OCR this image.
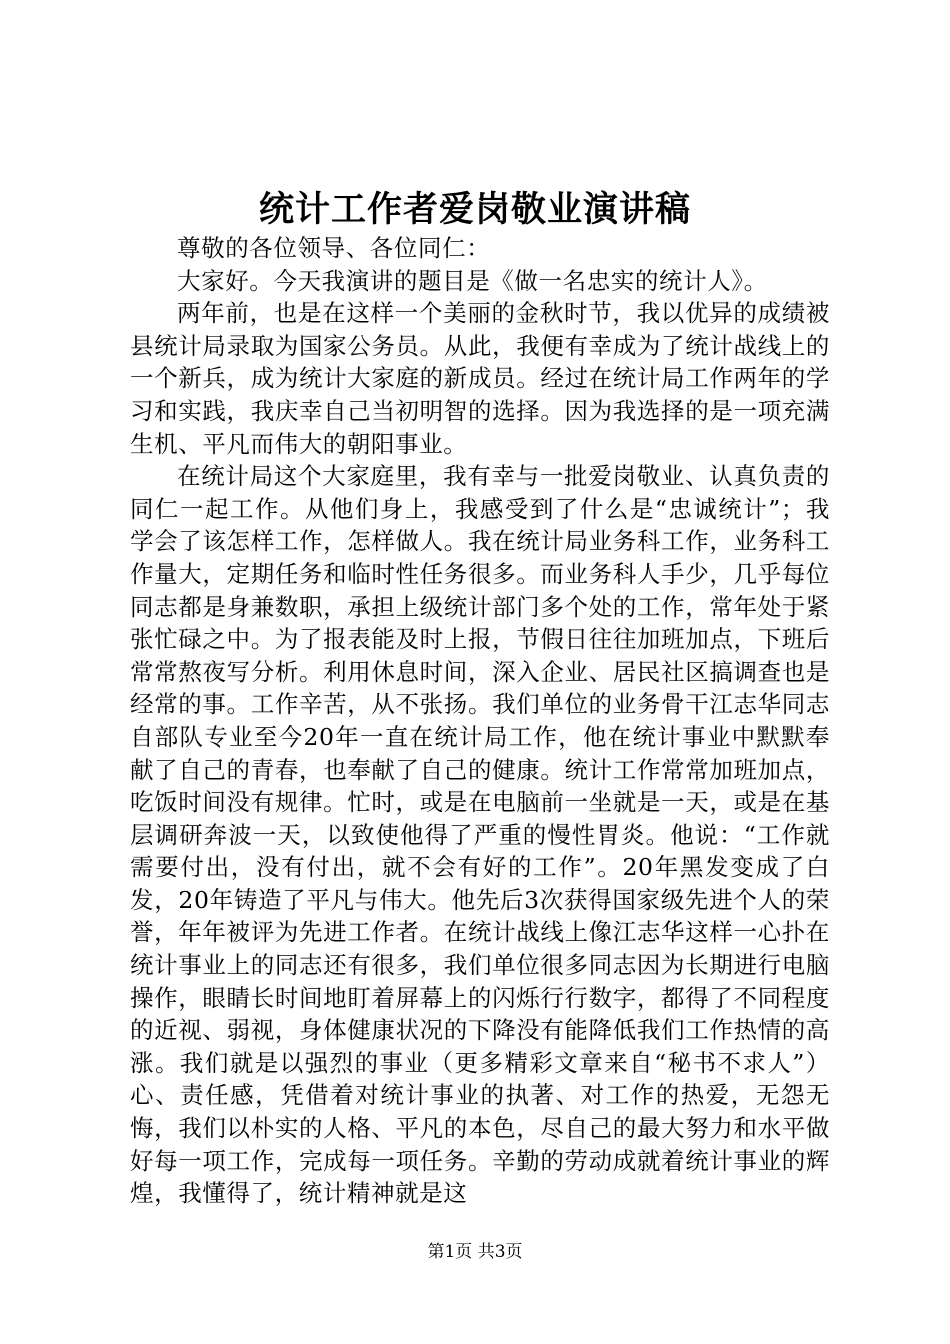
统计工作者爱岗敬业演讲稿

尊敬的各位领导、各位同仁：

大家好。今天我演讲的题目是《做一名忠实的统计人》。

两年前，也是在这样一个美丽的金秋时节，我以优异的成绩被县统计局录取为国家公务员。从此，我便有幸成为了统计战线上的一个新兵，成为统计大家庭的新成员。经过在统计局工作两年的学习和实践，我庆幸自己当初明智的选择。因为我选择的是一项充满生机、平凡而伟大的朝阳事业。

在统计局这个大家庭里，我有幸与一批爱岗敬业、认真负责的同仁一起工作。从他们身上，我感受到了什么是“忠诚统计”；我学会了该怎样工作，怎样做人。我在统计局业务科工作，业务科工作量大，定期任务和临时性任务很多。而业务科人手少，几乎每位同志都是身兼数职，承担上级统计部门多个处的工作，常年处于紧张忙碌之中。为了报表能及时上报，节假日往往加班加点，下班后常常熬夜写分析。利用休息时间，深入企业、居民社区搞调查也是经常的事。工作辛苦，从不张扬。我们单位的业务骨干江志华同志自部队专业至今20年一直在统计局工作，他在统计事业中默默奉献了自己的青春，也奉献了自己的健康。统计工作常常加班加点，吃饭时间没有规律。忙时，或是在电脑前一坐就是一天，或是在基层调研奔波一天，以致使他得了严重的慢性胃炎。他说：“工作就需要付出，没有付出，就不会有好的工作”。20年黑发变成了白发，20年铸造了平凡与伟大。他先后3次获得国家级先进个人的荣誉，年年被评为先进工作者。在统计战线上像江志华这样一心扑在统计事业上的同志还有很多，我们单位很多同志因为长期进行电脑操作，眼睛长时间地盯着屏幕上的闪烁行行数字，都得了不同程度的近视、弱视，身体健康状况的下降没有能降低我们工作热情的高涨。我们就是以强烈的事业（更多精彩文章来自“秘书不求人”）心、责任感，凭借着对统计事业的执著、对工作的热爱，无怨无悔，我们以朴实的人格、平凡的本色，尽自己的最大努力和水平做好每一项工作，完成每一项任务。辛勤的劳动成就着统计事业的辉煌，我懂得了，统计精神就是这

第1页 共3页
